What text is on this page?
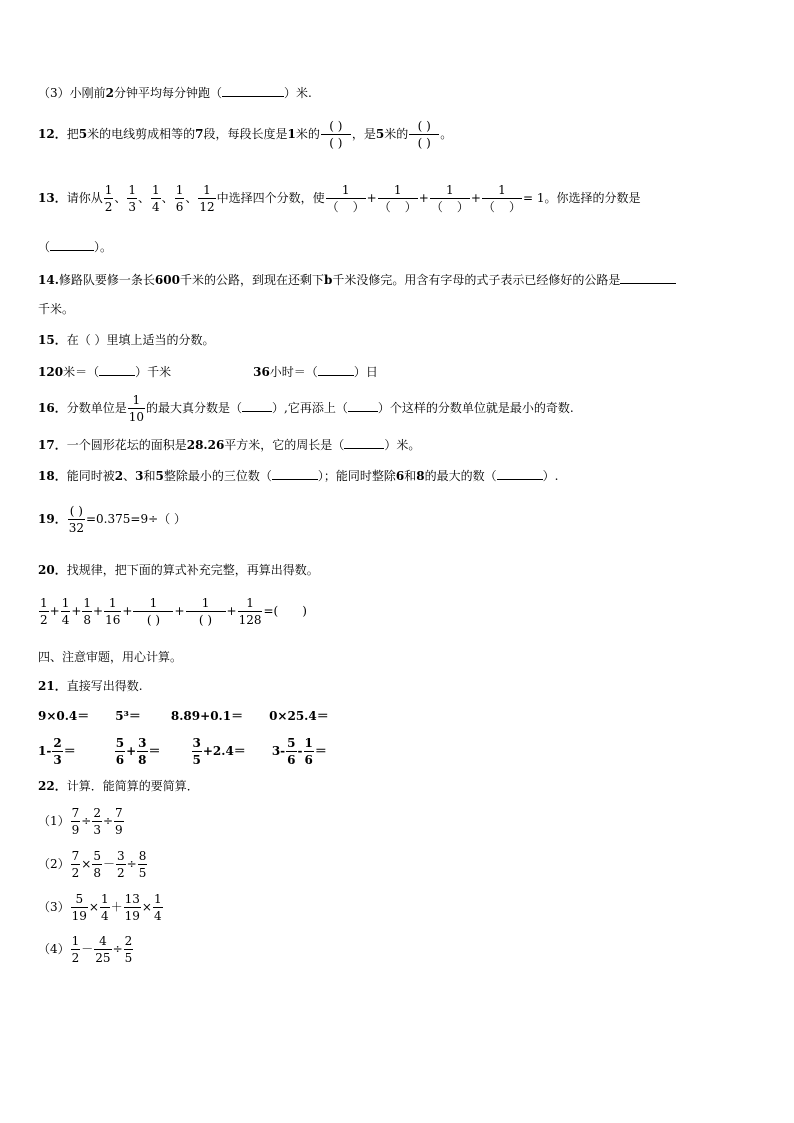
（3）小刚前2分钟平均每分钟跑（	）米.
12．把5米的电线剪成相等的7段，每段长度是1米的 $\frac{( )}{( )}$ ，是5米的 $\frac{( )}{( )}$ 。
13．请你从 $\frac{1}{2}$ 、 $\frac{1}{3}$ 、 $\frac{1}{4}$ 、 $\frac{1}{6}$ 、 $\frac{1}{12}$ 中选择四个分数，使 $\frac{1}{( )} + \frac{1}{( )} + \frac{1}{( )} + \frac{1}{( )} = 1$。你选择的分数是
（	）。
14.修路队要修一条长600千米的公路，到现在还剩下b千米没修完。用含有字母的式子表示已经修好的公路是
千米。
15．在（ ）里填上适当的分数。
120米＝（	）千米	36小时＝（	）日
16．分数单位是 $\frac{1}{10}$ 的最大真分数是（	）,它再添上（	）个这样的分数单位就是最小的奇数.
17．一个圆形花坛的面积是28.26平方米，它的周长是（	）米。
18．能同时被2、3和5整除最小的三位数（	）；能同时整除6和8的最大的数（	）.
19． $\frac{( )}{32} =0.375=9\div$（ ）
20．找规律，把下面的算式补充完整，再算出得数。
$\frac{1}{2} + \frac{1}{4} + \frac{1}{8} + \frac{1}{16} + \frac{1}{( )} + \frac{1}{( )} + \frac{1}{128}$ =( )
四、注意审题，用心计算。
21．直接写出得数.
9×0.4＝ 5³＝	8.89+0.1＝ 0×25.4＝
$1- \frac{2}{3}$ ＝	$\frac{5}{6} + \frac{3}{8}$ ＝	$\frac{3}{5} +2.4= 3- \frac{5}{6} - \frac{1}{6}$ ＝
22．计算．能简算的要简算．
$(1) \frac{7}{9} \div \frac{2}{3} \div \frac{7}{9}$
$(2) \frac{7}{2} \times \frac{5}{8} - \frac{3}{2} \div \frac{8}{5}$
$(3) \frac{5}{19} \times \frac{1}{4} + \frac{13}{19} \times \frac{1}{4}$
$(4) \frac{1}{2} - \frac{4}{25} \div \frac{2}{5}$
